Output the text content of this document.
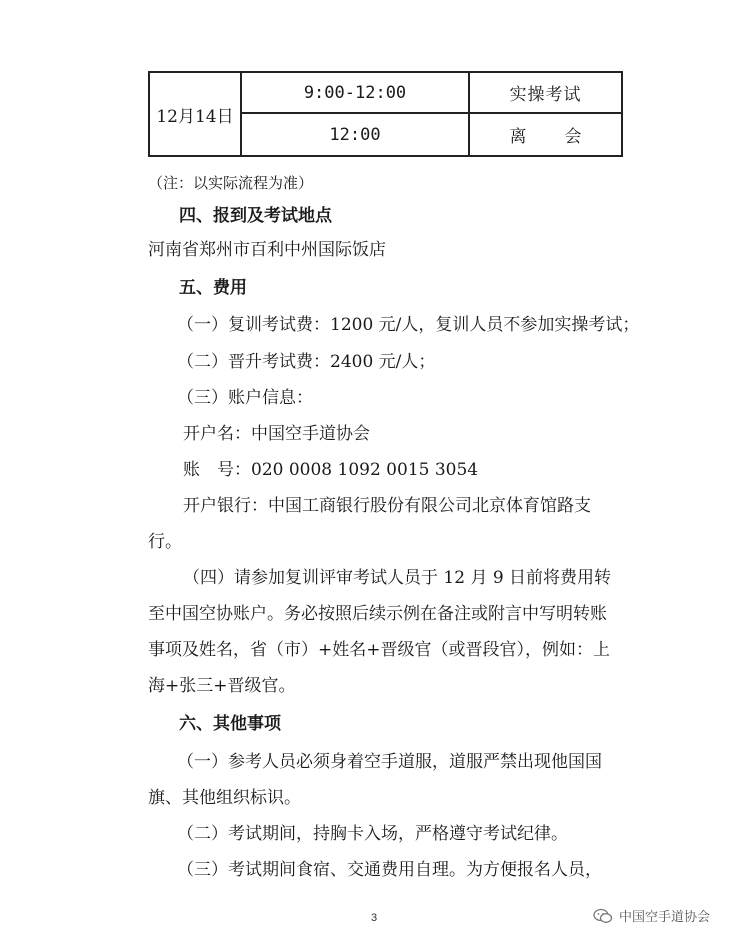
12月14日
9:00-12:00	实操考试
12:00	离 会
（注：以实际流程为准）
四、报到及考试地点
河南省郑州市百利中州国际饭店
五、费用
（一）复训考试费：1200 元/人，复训人员不参加实操考试；
（二）晋升考试费：2400 元/人；
（三）账户信息：
开户名：中国空手道协会
账　号：020 0008 1092 0015 3054
开户银行：中国工商银行股份有限公司北京体育馆路支
行。
（四）请参加复训评审考试人员于 12 月 9 日前将费用转
至中国空协账户。务必按照后续示例在备注或附言中写明转账
事项及姓名，省（市）+姓名+晋级官（或晋段官），例如：上
海+张三+晋级官。
六、其他事项
（一）参考人员必须身着空手道服，道服严禁出现他国国
旗、其他组织标识。
（二）考试期间，持胸卡入场，严格遵守考试纪律。
（三）考试期间食宿、交通费用自理。为方便报名人员，
3	中国空手道协会
